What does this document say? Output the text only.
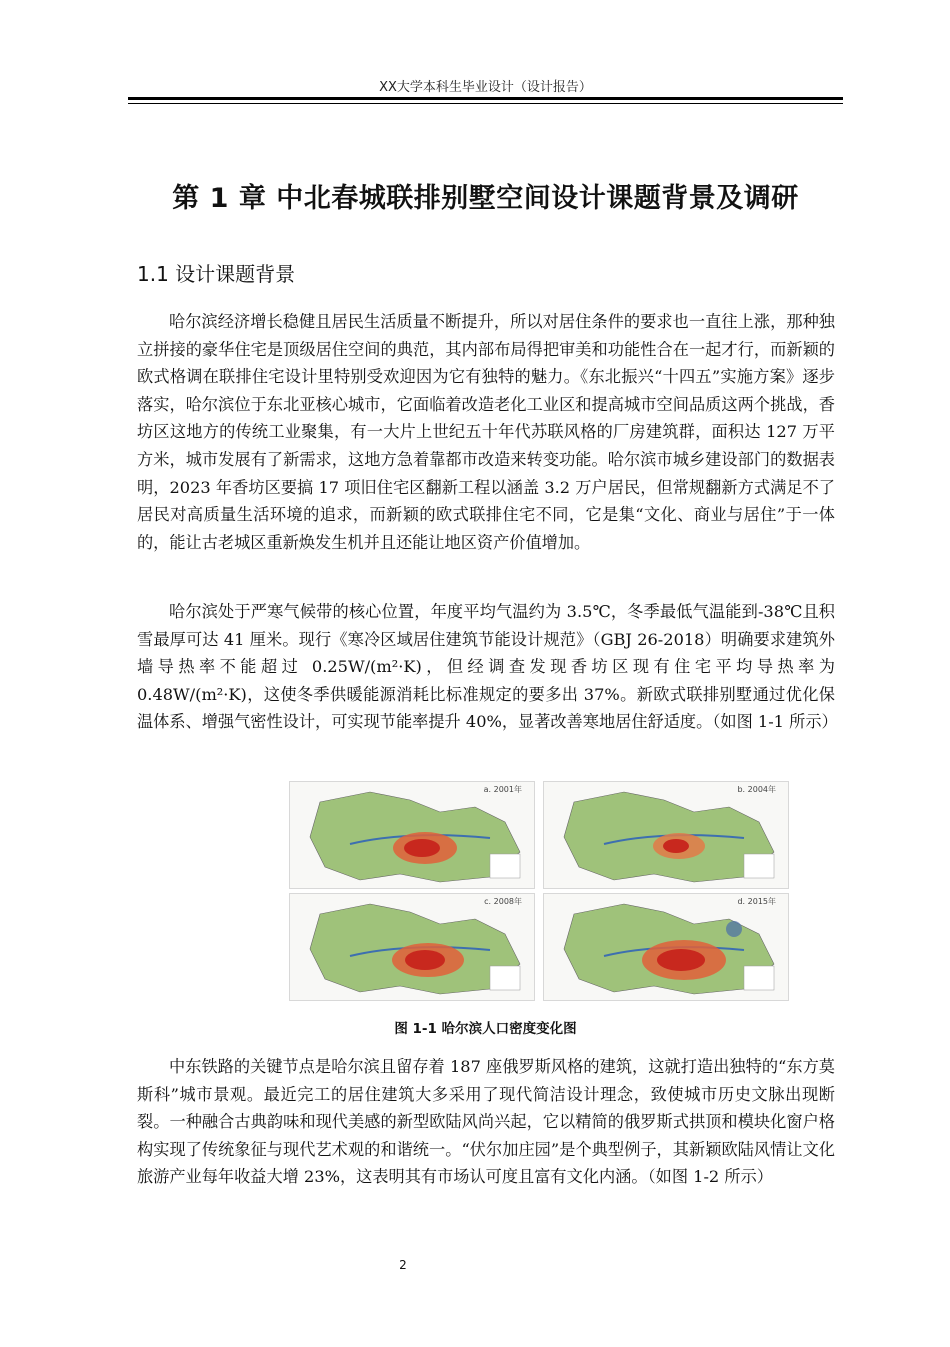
XX大学本科生毕业设计（设计报告）
第 1 章 中北春城联排别墅空间设计课题背景及调研
1.1 设计课题背景

哈尔滨经济增长稳健且居民生活质量不断提升，所以对居住条件的要求也一直往上涨，那种独立拼接的豪华住宅是顶级居住空间的典范，其内部布局得把审美和功能性合在一起才行，而新颖的欧式格调在联排住宅设计里特别受欢迎因为它有独特的魅力。《东北振兴“十四五”实施方案》逐步落实，哈尔滨位于东北亚核心城市，它面临着改造老化工业区和提高城市空间品质这两个挑战，香坊区这地方的传统工业聚集，有一大片上世纪五十年代苏联风格的厂房建筑群，面积达 127 万平方米，城市发展有了新需求，这地方急着靠都市改造来转变功能。哈尔滨市城乡建设部门的数据表明，2023 年香坊区要搞 17 项旧住宅区翻新工程以涵盖 3.2 万户居民，但常规翻新方式满足不了居民对高质量生活环境的追求，而新颖的欧式联排住宅不同，它是集“文化、商业与居住”于一体的，能让古老城区重新焕发生机并且还能让地区资产价值增加。

哈尔滨处于严寒气候带的核心位置，年度平均气温约为 3.5℃，冬季最低气温能到-38℃且积雪最厚可达 41 厘米。现行《寒冷区域居住建筑节能设计规范》（GBJ 26-2018）明确要求建筑外墙导热率不能超过 0.25W/(m²·K)，但经调查发现香坊区现有住宅平均导热率为 0.48W/(m²·K)，这使冬季供暖能源消耗比标准规定的要多出 37%。新欧式联排别墅通过优化保温体系、增强气密性设计，可实现节能率提升 40%，显著改善寒地居住舒适度。（如图 1-1 所示）

a. 2001年	b. 2004年
c. 2008年	d. 2015年
图 1-1 哈尔滨人口密度变化图

中东铁路的关键节点是哈尔滨且留存着 187 座俄罗斯风格的建筑，这就打造出独特的“东方莫斯科”城市景观。最近完工的居住建筑大多采用了现代简洁设计理念，致使城市历史文脉出现断裂。一种融合古典韵味和现代美感的新型欧陆风尚兴起，它以精简的俄罗斯式拱顶和模块化窗户格构实现了传统象征与现代艺术观的和谐统一。“伏尔加庄园”是个典型例子，其新颖欧陆风情让文化旅游产业每年收益大增 23%，这表明其有市场认可度且富有文化内涵。（如图 1-2 所示）

2
